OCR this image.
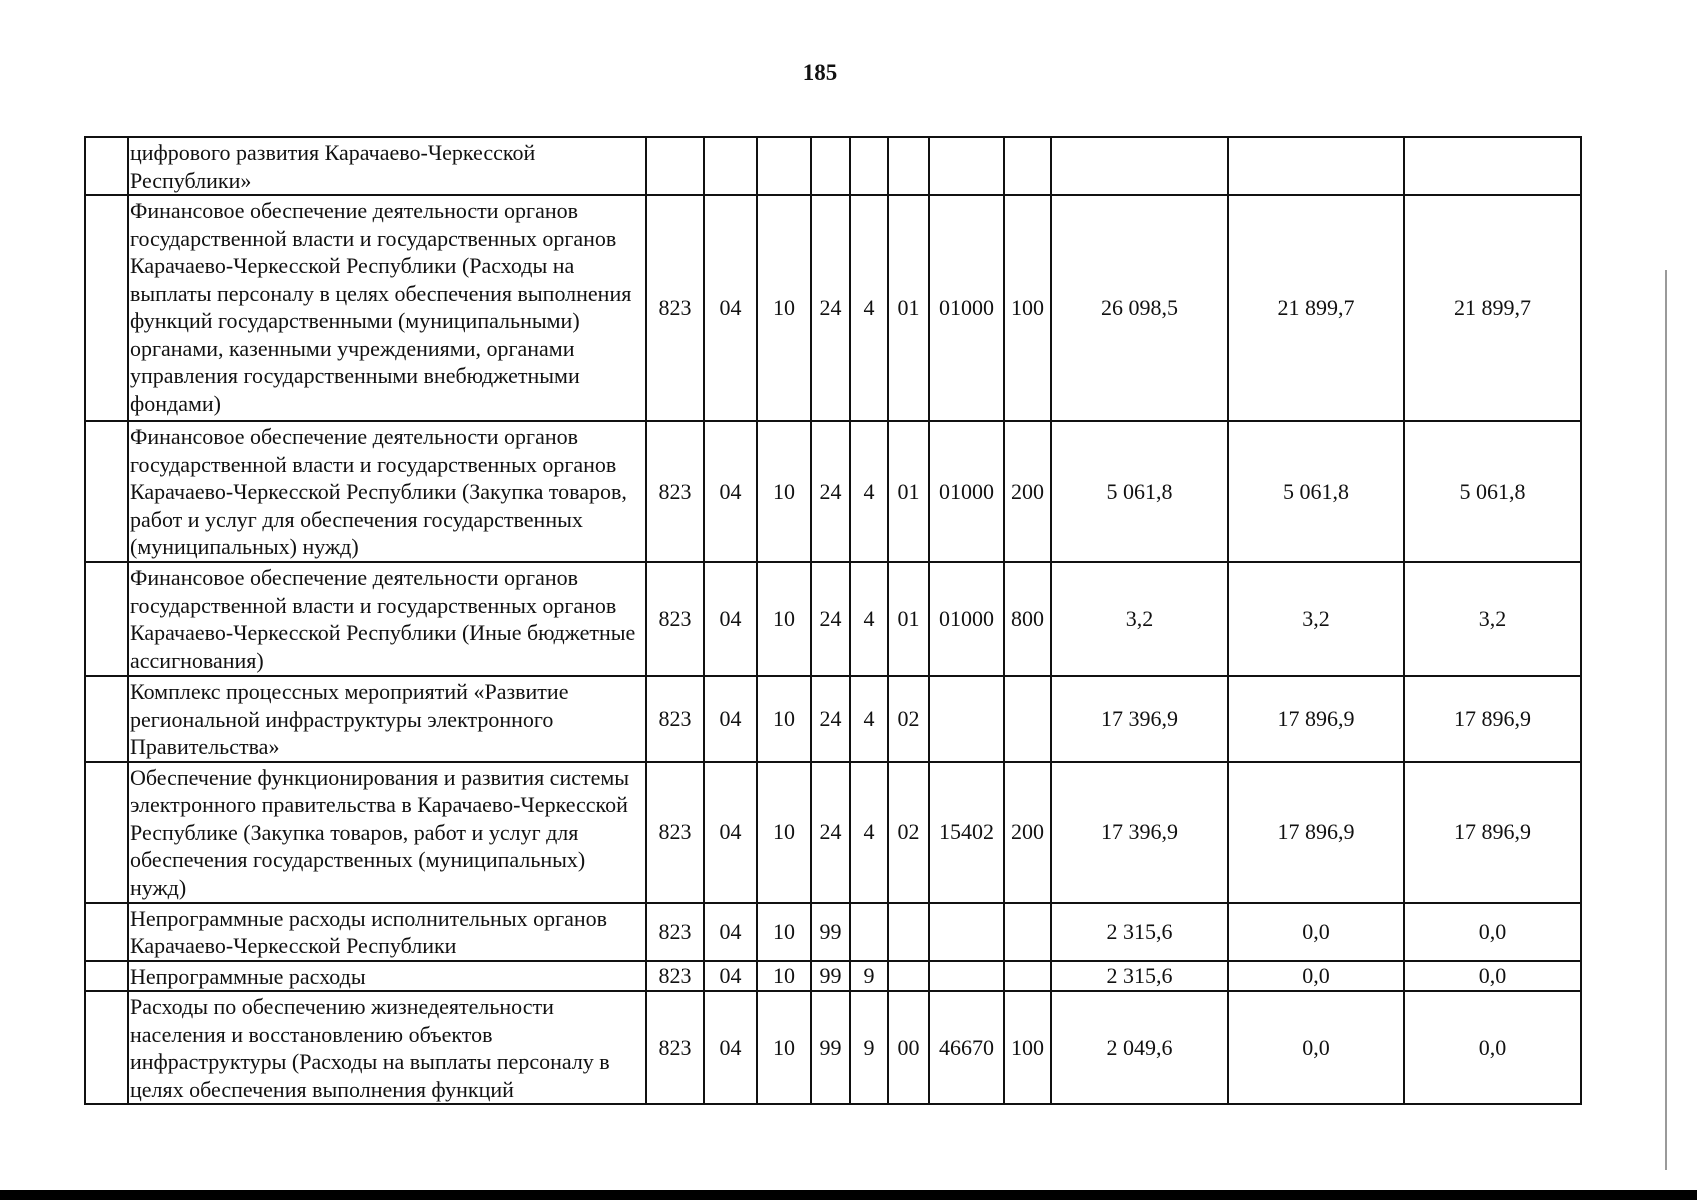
185
	цифрового развития Карачаево-Черкесской Республики»											
	Финансовое обеспечение деятельности органов государственной власти и государственных органов Карачаево-Черкесской Республики (Расходы на выплаты персоналу в целях обеспечения выполнения функций государственными (муниципальными) органами, казенными учреждениями, органами управления государственными внебюджетными фондами)	823	04	10	24	4	01	01000	100	26 098,5	21 899,7	21 899,7
	Финансовое обеспечение деятельности органов государственной власти и государственных органов Карачаево-Черкесской Республики (Закупка товаров, работ и услуг для обеспечения государственных (муниципальных) нужд)	823	04	10	24	4	01	01000	200	5 061,8	5 061,8	5 061,8
	Финансовое обеспечение деятельности органов государственной власти и государственных органов Карачаево-Черкесской Республики (Иные бюджетные ассигнования)	823	04	10	24	4	01	01000	800	3,2	3,2	3,2
	Комплекс процессных мероприятий «Развитие региональной инфраструктуры электронного Правительства»	823	04	10	24	4	02			17 396,9	17 896,9	17 896,9
	Обеспечение функционирования и развития системы электронного правительства в Карачаево-Черкесской Республике (Закупка товаров, работ и услуг для обеспечения государственных (муниципальных) нужд)	823	04	10	24	4	02	15402	200	17 396,9	17 896,9	17 896,9
	Непрограммные расходы исполнительных органов Карачаево-Черкесской Республики	823	04	10	99					2 315,6	0,0	0,0
	Непрограммные расходы	823	04	10	99	9				2 315,6	0,0	0,0
	Расходы по обеспечению жизнедеятельности населения и восстановлению объектов инфраструктуры (Расходы на выплаты персоналу в целях обеспечения выполнения функций	823	04	10	99	9	00	46670	100	2 049,6	0,0	0,0
